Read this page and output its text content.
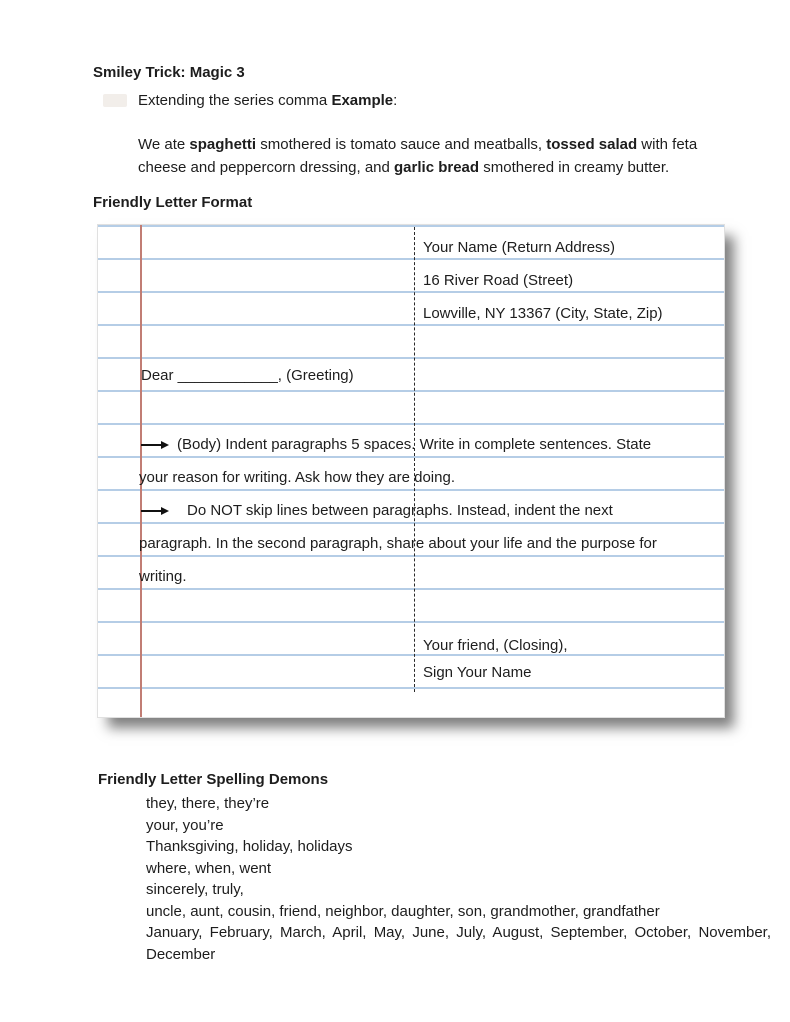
Smiley Trick: Magic 3
Extending the series comma Example:
We ate spaghetti smothered is tomato sauce and meatballs, tossed salad with feta cheese and peppercorn dressing, and garlic bread smothered in creamy butter.
Friendly Letter Format
Your Name (Return Address)
16 River Road (Street)
Lowville, NY 13367 (City, State, Zip)
Dear ____________, (Greeting)
(Body) Indent paragraphs 5 spaces. Write in complete sentences. State
your reason for writing. Ask how they are doing.
Do NOT skip lines between paragraphs. Instead, indent the next
paragraph. In the second paragraph, share about your life and the purpose for
writing.
Your friend, (Closing),
Sign Your Name
Friendly Letter Spelling Demons
they, there, they’re
your, you’re
Thanksgiving, holiday, holidays
where, when, went
sincerely, truly,
uncle, aunt, cousin, friend, neighbor, daughter, son, grandmother, grandfather
January, February, March, April, May, June, July, August, September, October, November, December
